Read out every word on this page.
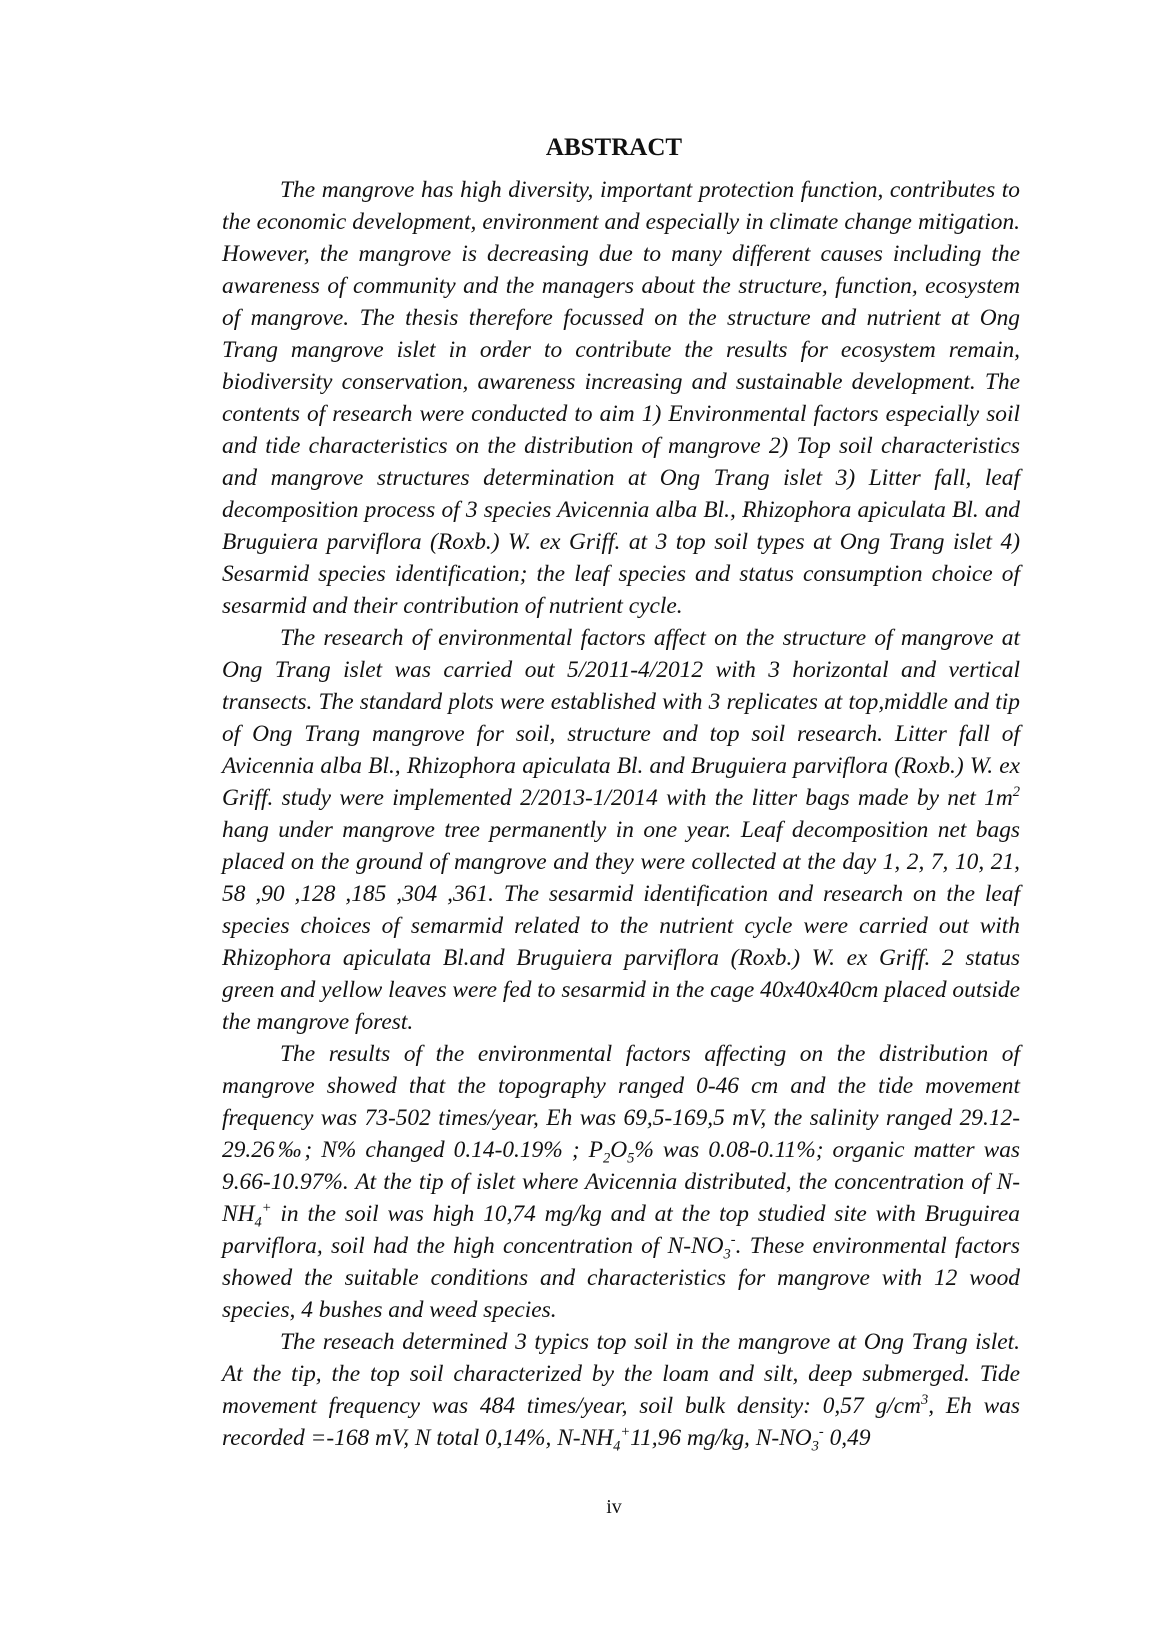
ABSTRACT

The mangrove has high diversity, important protection function, contributes to the economic development, environment and especially in climate change mitigation. However, the mangrove is decreasing due to many different causes including the awareness of community and the managers about the structure, function, ecosystem of mangrove. The thesis therefore focussed on the structure and nutrient at Ong Trang mangrove islet in order to contribute the results for ecosystem remain, biodiversity conservation, awareness increasing and sustainable development. The contents of research were conducted to aim 1) Environmental factors especially soil and tide characteristics on the distribution of mangrove 2) Top soil characteristics and mangrove structures determination at Ong Trang islet 3) Litter fall, leaf decomposition process of 3 species Avicennia alba Bl., Rhizophora apiculata Bl. and Bruguiera parviflora (Roxb.) W. ex Griff. at 3 top soil types at Ong Trang islet 4) Sesarmid species identification; the leaf species and status consumption choice of sesarmid and their contribution of nutrient cycle.

The research of environmental factors affect on the structure of mangrove at Ong Trang islet was carried out 5/2011-4/2012 with 3 horizontal and vertical transects. The standard plots were established with 3 replicates at top,middle and tip of Ong Trang mangrove for soil, structure and top soil research. Litter fall of Avicennia alba Bl., Rhizophora apiculata Bl. and Bruguiera parviflora (Roxb.) W. ex Griff. study were implemented 2/2013-1/2014 with the litter bags made by net $1m^2$ hang under mangrove tree permanently in one year. Leaf decomposition net bags placed on the ground of mangrove and they were collected at the day 1, 2, 7, 10, 21, 58 ,90 ,128 ,185 ,304 ,361. The sesarmid identification and research on the leaf species choices of semarmid related to the nutrient cycle were carried out with Rhizophora apiculata Bl.and Bruguiera parviflora (Roxb.) W. ex Griff. 2 status green and yellow leaves were fed to sesarmid in the cage 40x40x40cm placed outside the mangrove forest.

The results of the environmental factors affecting on the distribution of mangrove showed that the topography ranged 0-46 cm and the tide movement frequency was 73-502 times/year, Eh was 69,5-169,5 mV, the salinity ranged 29.12-29.26‰; N% changed 0.14-0.19% ; $P_2O_5\%$ was 0.08-0.11%; organic matter was 9.66-10.97%. At the tip of islet where Avicennia distributed, the concentration of $N-NH_4^+$ in the soil was high 10,74 mg/kg and at the top studied site with Bruguirea parviflora, soil had the high concentration of $N-NO_3^-$. These environmental factors showed the suitable conditions and characteristics for mangrove with 12 wood species, 4 bushes and weed species.

The reseach determined 3 typics top soil in the mangrove at Ong Trang islet. At the tip, the top soil characterized by the loam and silt, deep submerged. Tide movement frequency was 484 times/year, soil bulk density: 0,57 $g/cm^3$, Eh was recorded =-168 mV, N total 0,14%, $N-NH_4^+11,96$ mg/kg, $N-NO_3^-$ 0,49

iv
